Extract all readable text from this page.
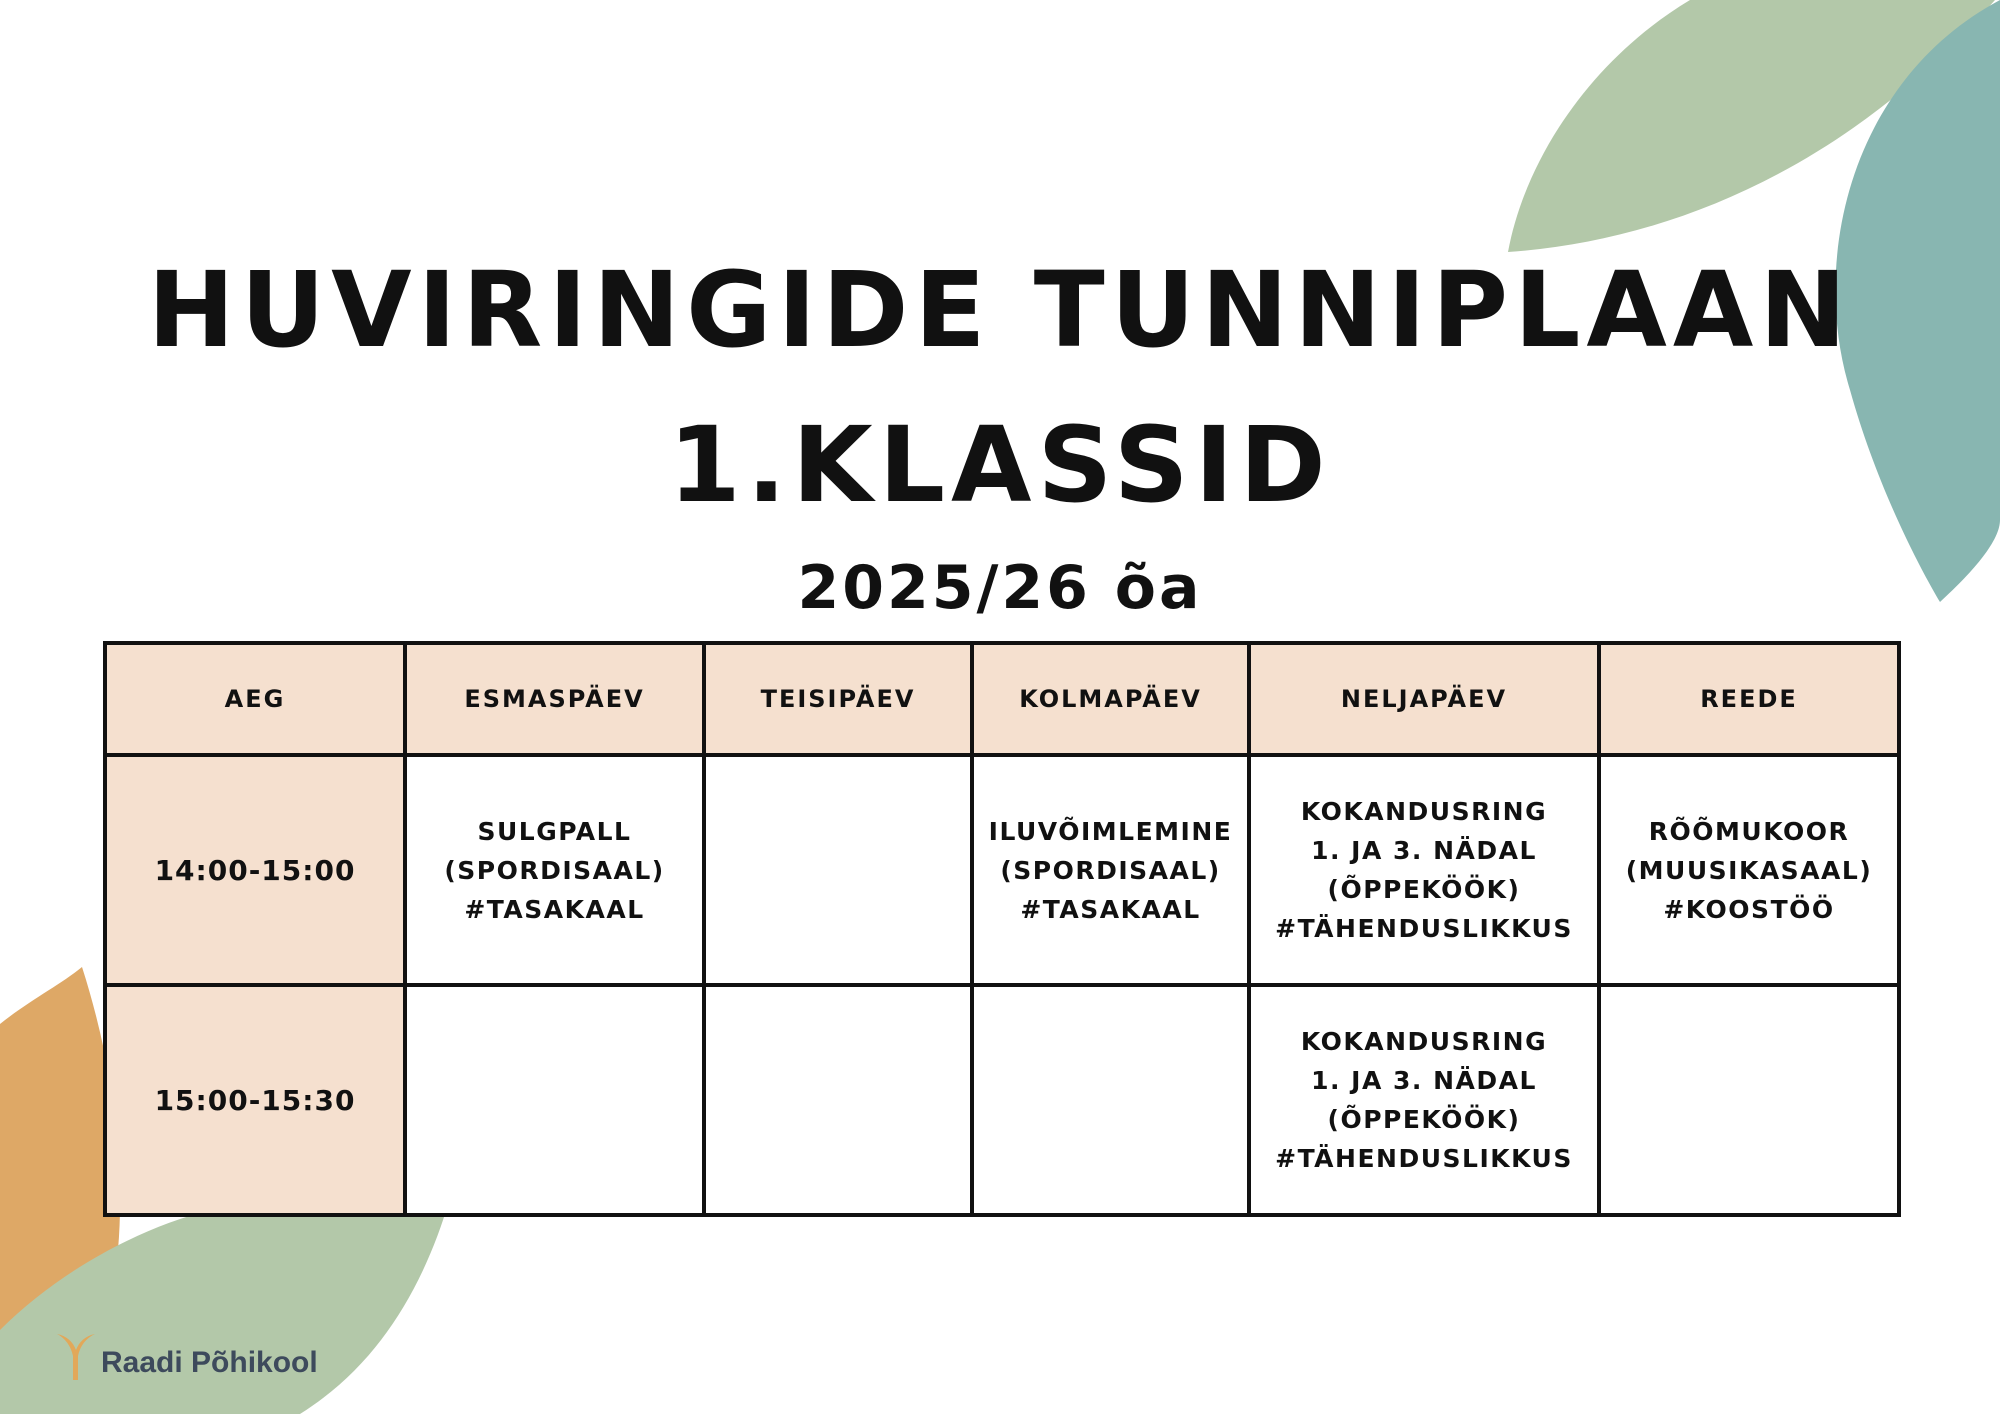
HUVIRINGIDE TUNNIPLAAN
1.KLASSID
2025/26 õa
AEG	ESMASPÄEV	TEISIPÄEV	KOLMAPÄEV	NELJAPÄEV	REEDE
14:00-15:00	SULGPALL
(SPORDISAAL)
#TASAKAAL		ILUVÕIMLEMINE
(SPORDISAAL)
#TASAKAAL	KOKANDUSRING
1. JA 3. NÄDAL
(ÕPPEKÖÖK)
#TÄHENDUSLIKKUS	RÕÕMUKOOR
(MUUSIKASAAL)
#KOOSTÖÖ

15:00-15:30				KOKANDUSRING
1. JA 3. NÄDAL
(ÕPPEKÖÖK)
#TÄHENDUSLIKKUS	

Raadi Põhikool
